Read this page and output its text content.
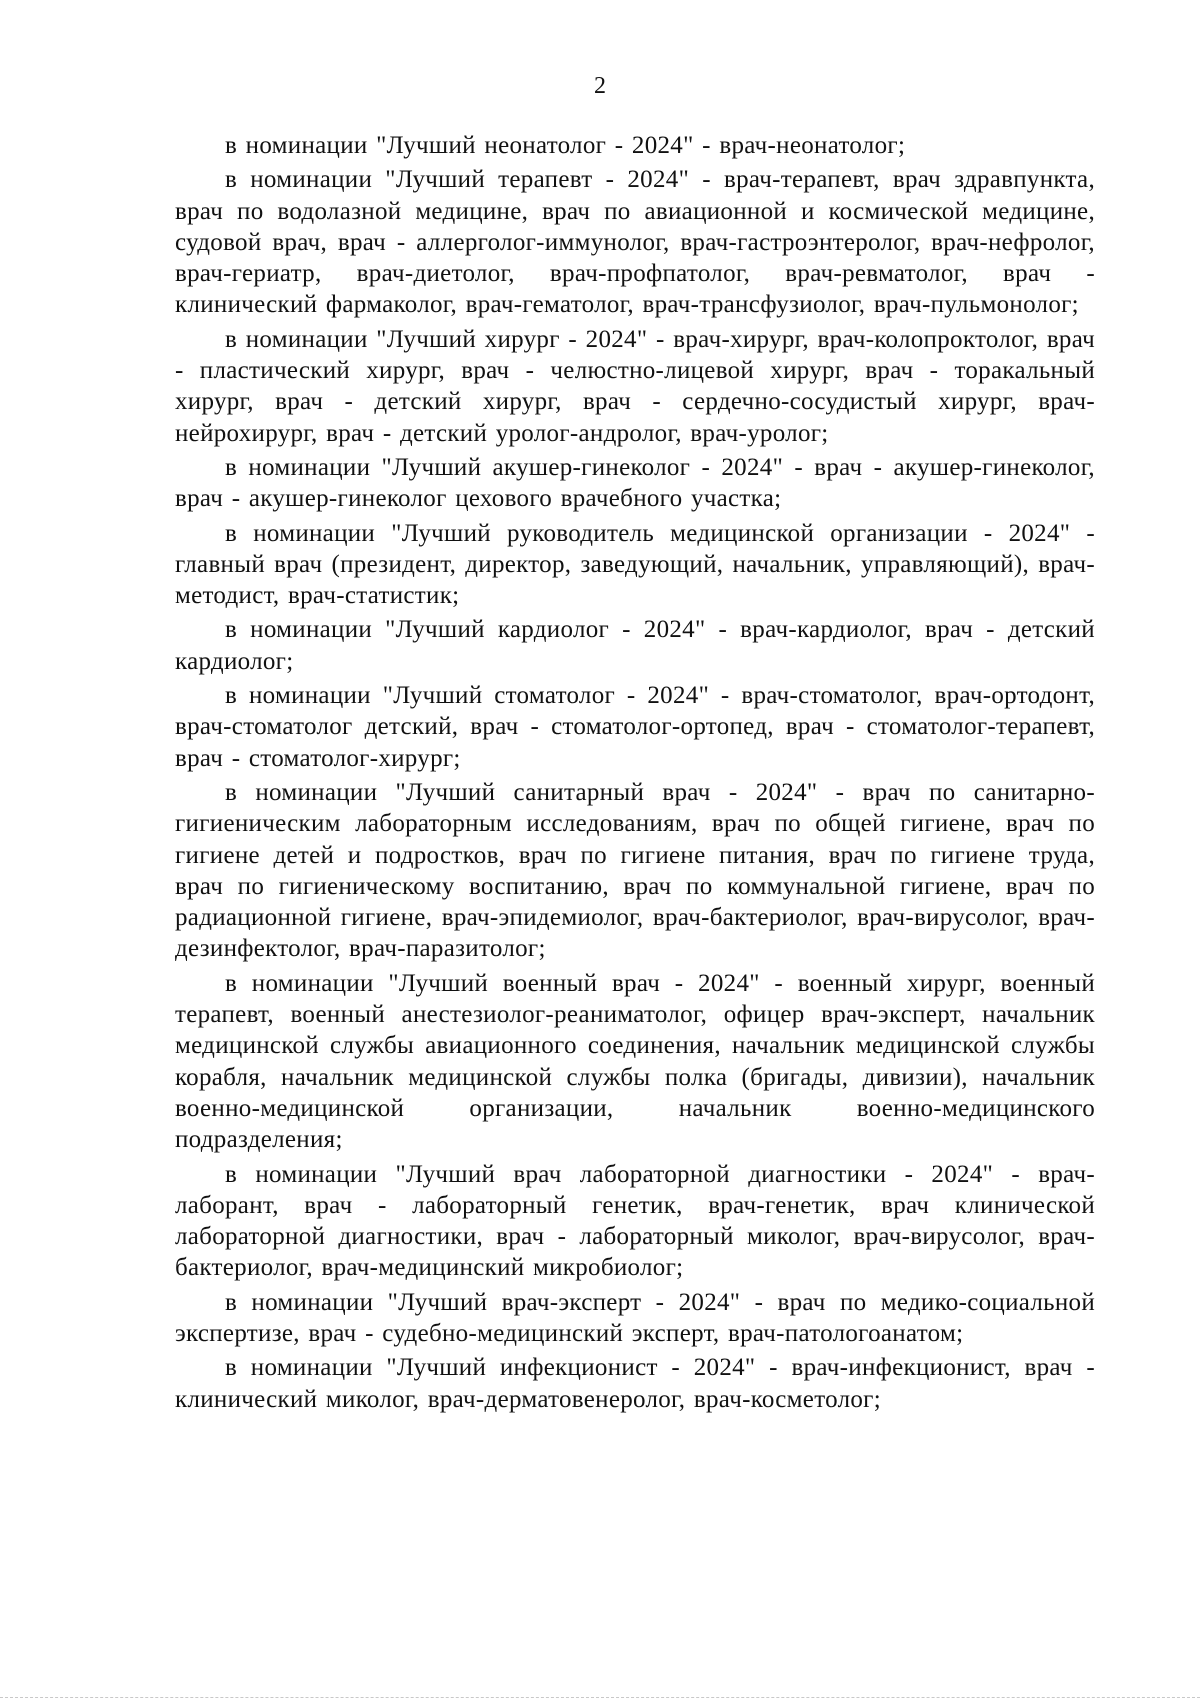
2

в номинации "Лучший неонатолог - 2024" - врач-неонатолог;

в номинации "Лучший терапевт - 2024" - врач-терапевт, врач здравпункта, врач по водолазной медицине, врач по авиационной и космической медицине, судовой врач, врач - аллерголог-иммунолог, врач-гастроэнтеролог, врач-нефролог, врач-гериатр, врач-диетолог, врач-профпатолог, врач-ревматолог, врач - клинический фармаколог, врач-гематолог, врач-трансфузиолог, врач-пульмонолог;

в номинации "Лучший хирург - 2024" - врач-хирург, врач-колопроктолог, врач - пластический хирург, врач - челюстно-лицевой хирург, врач - торакальный хирург, врач - детский хирург, врач - сердечно-сосудистый хирург, врач-нейрохирург, врач - детский уролог-андролог, врач-уролог;

в номинации "Лучший акушер-гинеколог - 2024" - врач - акушер-гинеколог, врач - акушер-гинеколог цехового врачебного участка;

в номинации "Лучший руководитель медицинской организации - 2024" - главный врач (президент, директор, заведующий, начальник, управляющий), врач-методист, врач-статистик;

в номинации "Лучший кардиолог - 2024" - врач-кардиолог, врач - детский кардиолог;

в номинации "Лучший стоматолог - 2024" - врач-стоматолог, врач-ортодонт, врач-стоматолог детский, врач - стоматолог-ортопед, врач - стоматолог-терапевт, врач - стоматолог-хирург;

в номинации "Лучший санитарный врач - 2024" - врач по санитарно-гигиеническим лабораторным исследованиям, врач по общей гигиене, врач по гигиене детей и подростков, врач по гигиене питания, врач по гигиене труда, врач по гигиеническому воспитанию, врач по коммунальной гигиене, врач по радиационной гигиене, врач-эпидемиолог, врач-бактериолог, врач-вирусолог, врач-дезинфектолог, врач-паразитолог;

в номинации "Лучший военный врач - 2024" - военный хирург, военный терапевт, военный анестезиолог-реаниматолог, офицер врач-эксперт, начальник медицинской службы авиационного соединения, начальник медицинской службы корабля, начальник медицинской службы полка (бригады, дивизии), начальник военно-медицинской организации, начальник военно-медицинского подразделения;

в номинации "Лучший врач лабораторной диагностики - 2024" - врач-лаборант, врач - лабораторный генетик, врач-генетик, врач клинической лабораторной диагностики, врач - лабораторный миколог, врач-вирусолог, врач-бактериолог, врач-медицинский микробиолог;

в номинации "Лучший врач-эксперт - 2024" - врач по медико-социальной экспертизе, врач - судебно-медицинский эксперт, врач-патологоанатом;

в номинации "Лучший инфекционист - 2024" - врач-инфекционист, врач - клинический миколог, врач-дерматовенеролог, врач-косметолог;
